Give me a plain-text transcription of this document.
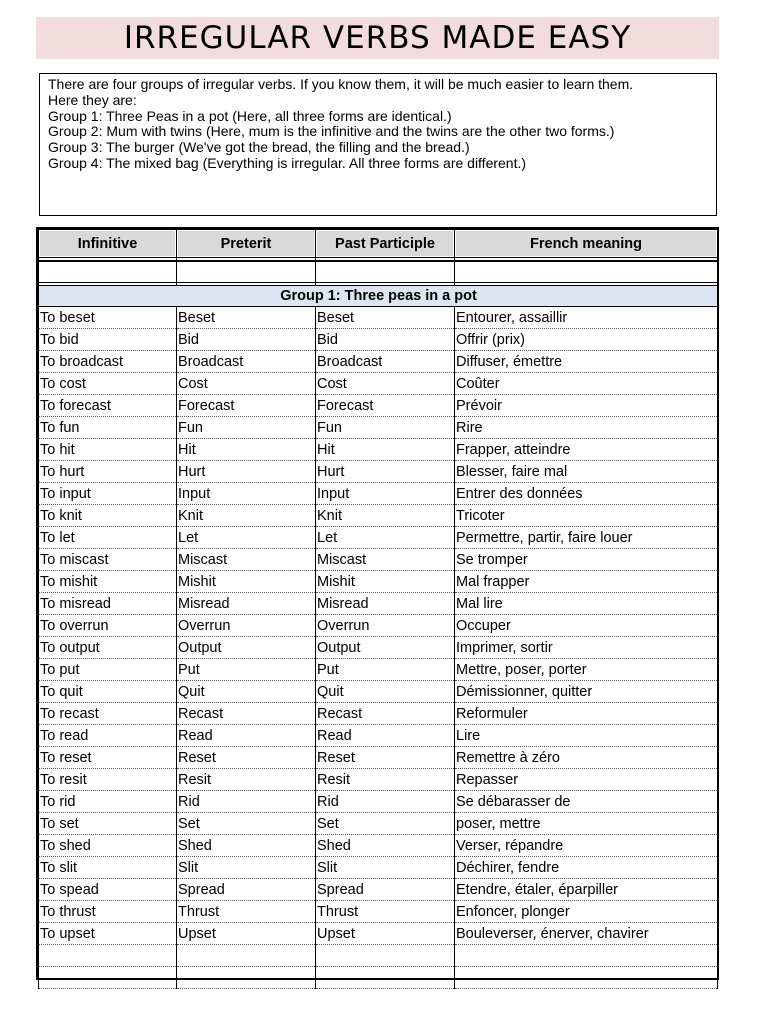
IRREGULAR VERBS MADE EASY
There are four groups of irregular verbs. If you know them, it will be much easier to learn them.
Here they are:
Group 1: Three Peas in a pot (Here, all three forms are identical.)
Group 2: Mum with twins (Here, mum is the infinitive and the twins are the other two forms.)
Group 3: The burger (We've got the bread, the filling and the bread.)
Group 4: The mixed bag (Everything is irregular. All three forms are different.)
Infinitive	Preterit	Past Participle	French meaning

Group 1: Three peas in a pot			
To beset	Beset	Beset	Entourer, assaillir
To bid	Bid	Bid	Offrir (prix)
To broadcast	Broadcast	Broadcast	Diffuser, émettre
To cost	Cost	Cost	Coûter
To forecast	Forecast	Forecast	Prévoir
To fun	Fun	Fun	Rire
To hit	Hit	Hit	Frapper, atteindre
To hurt	Hurt	Hurt	Blesser, faire mal
To input	Input	Input	Entrer des données
To knit	Knit	Knit	Tricoter
To let	Let	Let	Permettre, partir, faire louer
To miscast	Miscast	Miscast	Se tromper
To mishit	Mishit	Mishit	Mal frapper
To misread	Misread	Misread	Mal lire
To overrun	Overrun	Overrun	Occuper
To output	Output	Output	Imprimer, sortir
To put	Put	Put	Mettre, poser, porter
To quit	Quit	Quit	Démissionner, quitter
To recast	Recast	Recast	Reformuler
To read	Read	Read	Lire
To reset	Reset	Reset	Remettre à zéro
To resit	Resit	Resit	Repasser
To rid	Rid	Rid	Se débarasser de
To set	Set	Set	poser, mettre
To shed	Shed	Shed	Verser, répandre
To slit	Slit	Slit	Déchirer, fendre
To spead	Spread	Spread	Etendre, étaler, éparpiller
To thrust	Thrust	Thrust	Enfoncer, plonger
To upset	Upset	Upset	Bouleverser, énerver, chavirer
